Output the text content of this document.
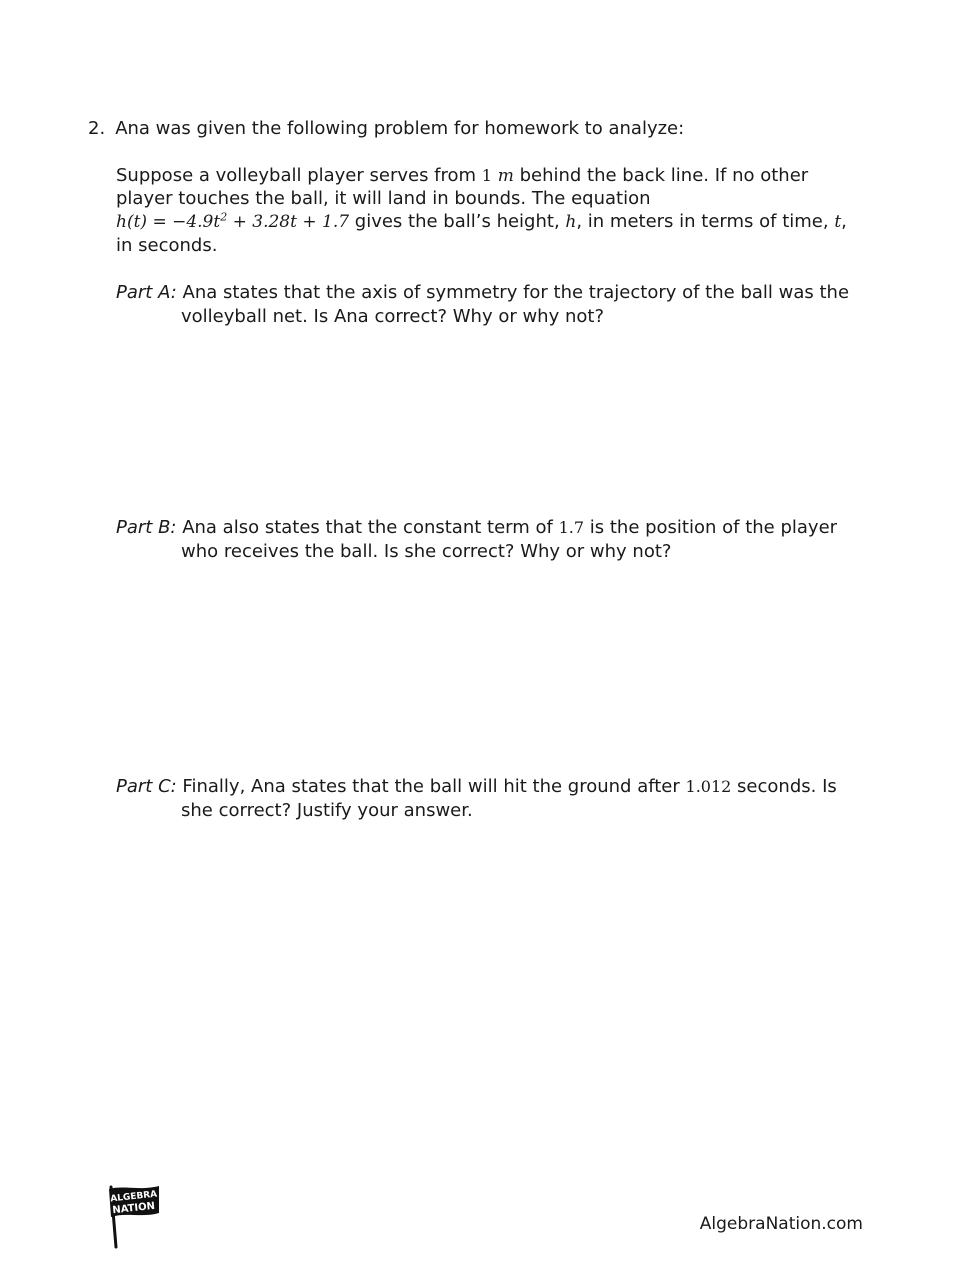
2. Ana was given the following problem for homework to analyze:
Suppose a volleyball player serves from 1 m behind the back line. If no other
player touches the ball, it will land in bounds. The equation
$h(t) = -4.9t^2 + 3.28t + 1.7$ gives the ball’s height, h, in meters in terms of time, t,
in seconds.
Part A: Ana states that the axis of symmetry for the trajectory of the ball was the
volleyball net. Is Ana correct? Why or why not?
Part B: Ana also states that the constant term of 1.7 is the position of the player
who receives the ball. Is she correct? Why or why not?
Part C: Finally, Ana states that the ball will hit the ground after 1.012 seconds. Is
she correct? Justify your answer.
ALGEBRA
NATION
AlgebraNation.com
